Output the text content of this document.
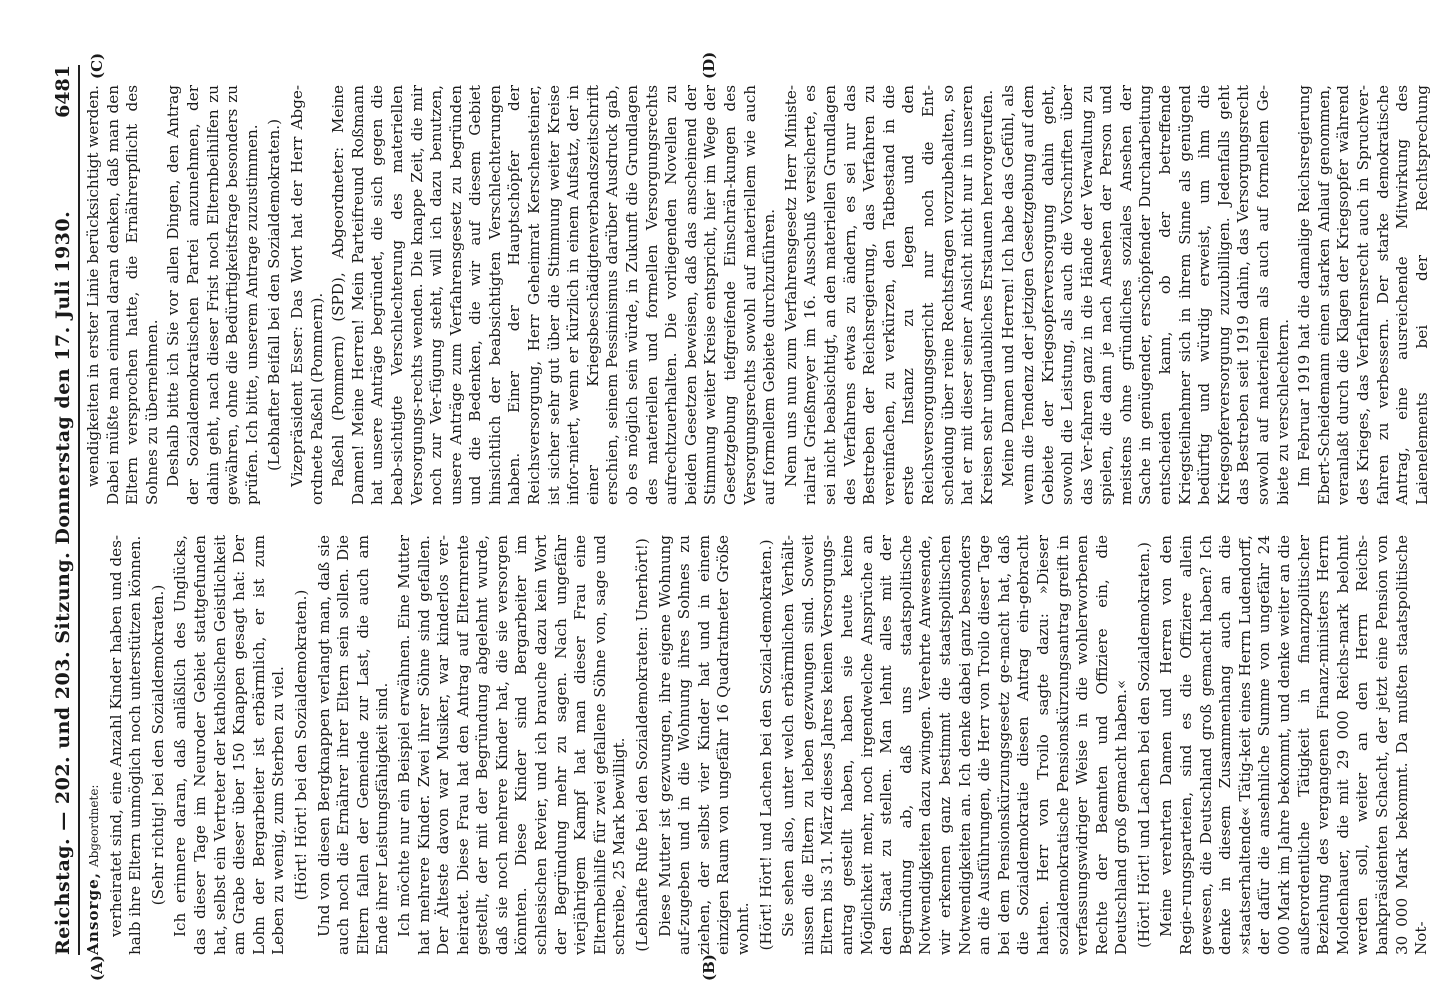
Reichstag. — 202. und 203. Sitzung. Donnerstag den 17. Juli 1930.
6481
(A)	(B)
(C)	(D)

Ansorge, Abgeordnete: verheiratet sind, eine Anzahl Kinder haben und des-halb ihre Eltern unmöglich noch unterstützen können. (Sehr richtig! bei den Sozialdemokraten.) Ich erinnere daran, daß anläßlich des Unglücks, das dieser Tage im Neuroder Gebiet stattgefunden hat, selbst ein Vertreter der katholischen Geistlichkeit am Grabe dieser über 150 Knappen gesagt hat: Der Lohn der Bergarbeiter ist erbärmlich, er ist zum Leben zu wenig, zum Sterben zu viel. (Hört! Hört! bei den Sozialdemokraten.) Und von diesen Bergknappen verlangt man, daß sie auch noch die Ernährer ihrer Eltern sein sollen. Die Eltern fallen der Gemeinde zur Last, die auch am Ende ihrer Leistungsfähigkeit sind. Ich möchte nur ein Beispiel erwähnen. Eine Mutter hat mehrere Kinder. Zwei ihrer Söhne sind gefallen. Der Älteste davon war Musiker, war kinderlos ver-heiratet. Diese Frau hat den Antrag auf Elternrente gestellt, der mit der Begründung abgelehnt wurde, daß sie noch mehrere Kinder hat, die sie versorgen könnten. Diese Kinder sind Bergarbeiter im schlesischen Revier, und ich brauche dazu kein Wort der Begründung mehr zu sagen. Nach ungefähr vierjährigem Kampf hat man dieser Frau eine Elternbeihilfe für zwei gefallene Söhne von, sage und schreibe, 25 Mark bewilligt. (Lebhafte Rufe bei den Sozialdemokraten: Unerhört!) Diese Mutter ist gezwungen, ihre eigene Wohnung auf-zugeben und in die Wohnung ihres Sohnes zu ziehen, der selbst vier Kinder hat und in einem einzigen Raum von ungefähr 16 Quadratmeter Größe wohnt. (Hört! Hört! und Lachen bei den Sozial-demokraten.) Sie sehen also, unter welch erbärmlichen Verhält-nissen die Eltern zu leben gezwungen sind. Soweit Eltern bis 31. März dieses Jahres keinen Versorgungs-antrag gestellt haben, haben sie heute keine Möglichkeit mehr, noch irgendwelche Ansprüche an den Staat zu stellen. Man lehnt alles mit der Begründung ab, daß uns staatspolitische Notwendigkeiten dazu zwingen. Verehrte Anwesende, wir erkennen ganz bestimmt die staatspolitischen Notwendigkeiten an. Ich denke dabei ganz besonders an die Ausführungen, die Herr von Troilo dieser Tage bei dem Pensionskürzungsgesetz ge-macht hat, daß die Sozialdemokratie diesen Antrag ein-gebracht hatten. Herr von Troilo sagte dazu: »Dieser sozialdemokratische Pensionskürzungsantrag greift in verfassungswidriger Weise in die wohlerworbenen Rechte der Beamten und Offiziere ein, die Deutschland groß gemacht haben.« (Hört! Hört! und Lachen bei den Sozialdemokraten.) Meine verehrten Damen und Herren von den Regie-rungsparteien, sind es die Offiziere allein gewesen, die Deutschland groß gemacht haben? Ich denke in diesem Zusammenhang auch an die »staatserhaltende« Tätig-keit eines Herrn Ludendorff, der dafür die ansehnliche Summe von ungefähr 24 000 Mark im Jahre bekommt, und denke weiter an die außerordentliche Tätigkeit in finanzpolitischer Beziehung des vergangenen Finanz-ministers Herrn Moldenhauer, die mit 29 000 Reichs-mark belohnt werden soll, weiter an den Herrn Reichs-bankpräsidenten Schacht, der jetzt eine Pension von 30 000 Mark bekommt. Da mußten staatspolitische Not-

wendigkeiten in erster Linie berücksichtigt werden. Dabei müßte man einmal daran denken, daß man den Eltern versprochen hatte, die Ernährerpflicht des Sohnes zu übernehmen. Deshalb bitte ich Sie vor allen Dingen, den Antrag der Sozialdemokratischen Partei anzunehmen, der dahin geht, nach dieser Frist noch Elternbeihilfen zu gewähren, ohne die Bedürftigkeitsfrage besonders zu prüfen. Ich bitte, unserem Antrage zuzustimmen. (Lebhafter Beifall bei den Sozialdemokraten.) Vizepräsident Esser: Das Wort hat der Herr Abge-ordnete Paßehl (Pommern). Paßehl (Pommern) (SPD), Abgeordneter: Meine Damen! Meine Herren! Mein Parteifreund Roßmann hat unsere Anträge begründet, die sich gegen die beab-sichtigte Verschlechterung des materiellen Versorgungs-rechts wenden. Die knappe Zeit, die mir noch zur Ver-fügung steht, will ich dazu benutzen, unsere Anträge zum Verfahrensgesetz zu begründen und die Bedenken, die wir auf diesem Gebiet hinsichtlich der beabsichtigten Verschlechterungen haben. Einer der Hauptschöpfer der Reichsversorgung, Herr Geheimrat Kerschensteiner, ist sicher sehr gut über die Stimmung weiter Kreise infor-miert, wenn er kürzlich in einem Aufsatz, der in einer Kriegsbeschädigtenverbandszeitschrift erschien, seinem Pessimismus darüber Ausdruck gab, ob es möglich sein würde, in Zukunft die Grundlagen des materiellen und formellen Versorgungsrechts aufrechtzuerhalten. Die vorliegenden Novellen zu beiden Gesetzen beweisen, daß das anscheinend der Stimmung weiter Kreise entspricht, hier im Wege der Gesetzgebung tiefgreifende Einschrän-kungen des Versorgungsrechts sowohl auf materiellem wie auch auf formellem Gebiete durchzuführen. Nenn uns nun zum Verfahrensgesetz Herr Ministe-rialrat Grießmeyer im 16. Ausschuß versicherte, es sei nicht beabsichtigt, an den materiellen Grundlagen des Verfahrens etwas zu ändern, es sei nur das Bestreben der Reichsregierung, das Verfahren zu vereinfachen, zu verkürzen, den Tatbestand in die erste Instanz zu legen und den Reichsversorgungsgericht nur noch die Ent-scheidung über reine Rechtsfragen vorzubehalten, so hat er mit dieser seiner Ansicht nicht nur in unseren Kreisen sehr unglaubliches Erstaunen hervorgerufen. Meine Damen und Herren! Ich habe das Gefühl, als wenn die Tendenz der jetzigen Gesetzgebung auf dem Gebiete der Kriegsopferversorgung dahin geht, sowohl die Leistung, als auch die Vorschriften über das Ver-fahren ganz in die Hände der Verwaltung zu spielen, die dann je nach Ansehen der Person und meistens ohne gründliches soziales Ansehen der Sache in genügender, erschöpfender Durcharbeitung entscheiden kann, ob der betreffende Kriegsteilnehmer sich in ihrem Sinne als genügend bedürftig und würdig erweist, um ihm die Kriegsopferversorgung zuzubilligen. Jedenfalls geht das Bestreben seit 1919 dahin, das Versorgungsrecht sowohl auf materiellem als auch auf formellem Ge-biete zu verschlechtern. Im Februar 1919 hat die damalige Reichsregierung Ebert-Scheidemann einen starken Anlauf genommen, veranlaßt durch die Klagen der Kriegsopfer während des Krieges, das Verfahrensrecht auch in Spruchver-fahren zu verbessern. Der starke demokratische Antrag, eine ausreichende Mitwirkung des Laienelements bei der Rechtsprechung
